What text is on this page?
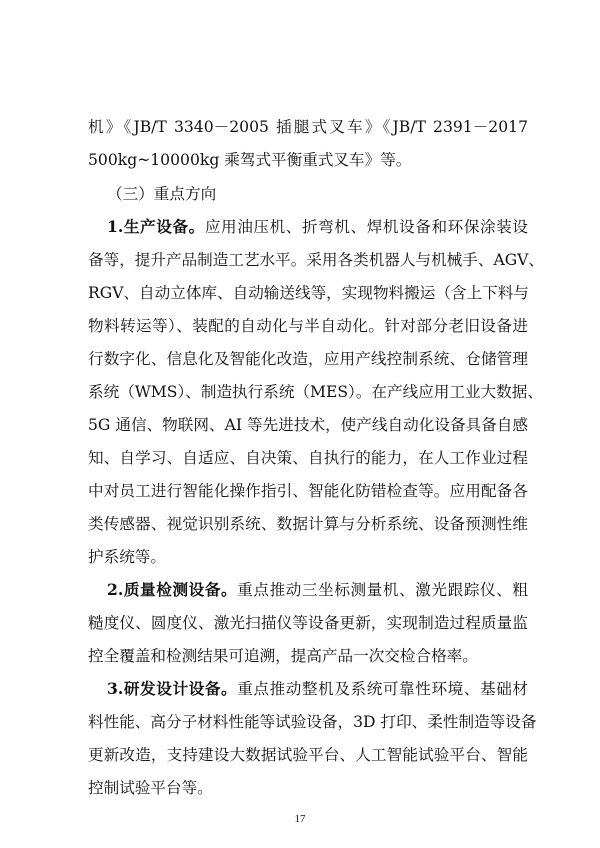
机》《JB/T 3340－2005 插腿式叉车》《JB/T 2391－2017
500kg~10000kg 乘驾式平衡重式叉车》等。
（三）重点方向
1.生产设备。应用油压机、折弯机、焊机设备和环保涂装设
备等，提升产品制造工艺水平。采用各类机器人与机械手、AGV、
RGV、自动立体库、自动输送线等，实现物料搬运（含上下料与
物料转运等）、装配的自动化与半自动化。针对部分老旧设备进
行数字化、信息化及智能化改造，应用产线控制系统、仓储管理
系统（WMS）、制造执行系统（MES）。在产线应用工业大数据、
5G 通信、物联网、AI 等先进技术，使产线自动化设备具备自感
知、自学习、自适应、自决策、自执行的能力，在人工作业过程
中对员工进行智能化操作指引、智能化防错检查等。应用配备各
类传感器、视觉识别系统、数据计算与分析系统、设备预测性维
护系统等。
2.质量检测设备。重点推动三坐标测量机、激光跟踪仪、粗
糙度仪、圆度仪、激光扫描仪等设备更新，实现制造过程质量监
控全覆盖和检测结果可追溯，提高产品一次交检合格率。
3.研发设计设备。重点推动整机及系统可靠性环境、基础材
料性能、高分子材料性能等试验设备，3D 打印、柔性制造等设备
更新改造，支持建设大数据试验平台、人工智能试验平台、智能
控制试验平台等。
17
